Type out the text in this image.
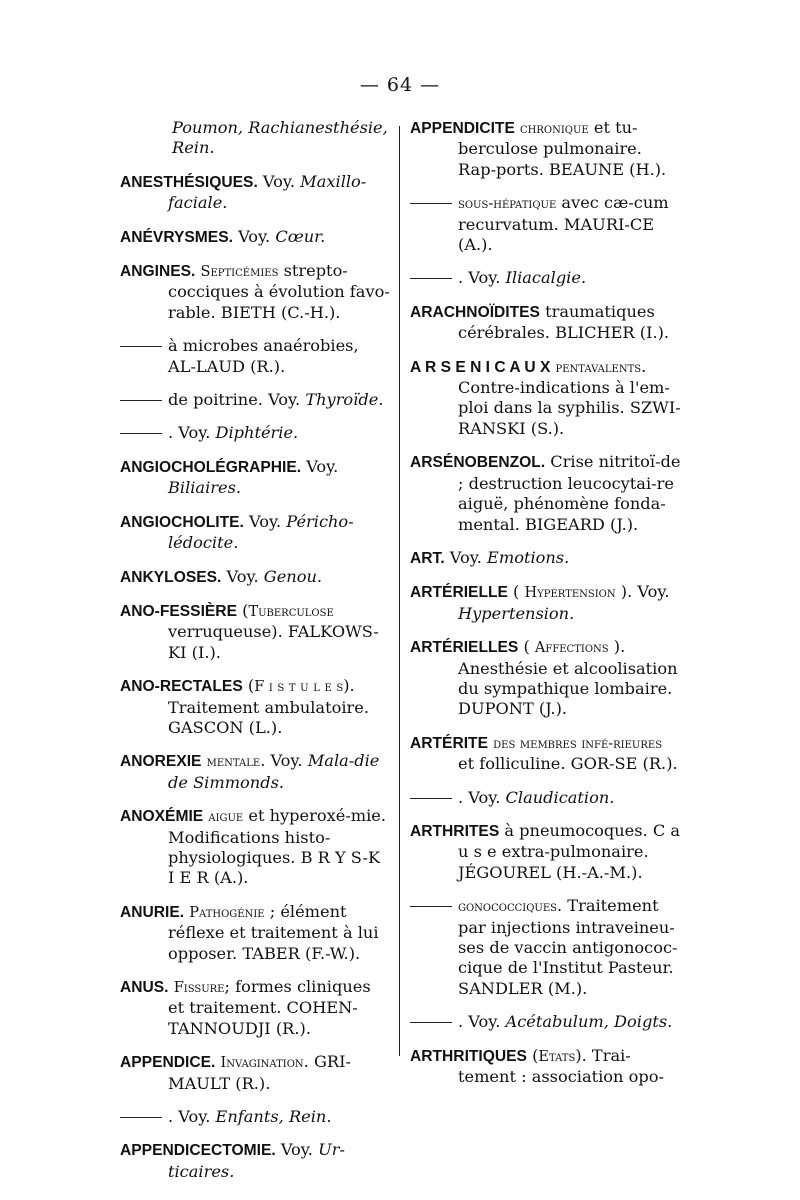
— 64 —
Poumon, Rachianesthésie, Rein.
ANESTHÉSIQUES. Voy. Maxillo-faciale.
ANÉVRYSMES. Voy. Cœur.
ANGINES. Septicémies strepto-cocciques à évolution favo-rable. BIETH (C.-H.).
à microbes anaérobies, AL-LAUD (R.).
de poitrine. Voy. Thyroïde.
. Voy. Diphtérie.
ANGIOCHOLÉGRAPHIE. Voy. Biliaires.
ANGIOCHOLITE. Voy. Péricho-lédocite.
ANKYLOSES. Voy. Genou.
ANO-FESSIÈRE (Tuberculose verruqueuse). FALKOWS-KI (I.).
ANO-RECTALES (F i s t u l e s). Traitement ambulatoire. GASCON (L.).
ANOREXIE mentale. Voy. Mala-die de Simmonds.
ANOXÉMIE aigue et hyperoxé-mie. Modifications histo-physiologiques. B R Y S-K I E R (A.).
ANURIE. Pathogénie ; élément réflexe et traitement à lui opposer. TABER (F.-W.).
ANUS. Fissure; formes cliniques et traitement. COHEN-TANNOUDJI (R.).
APPENDICE. Invagination. GRI-MAULT (R.).
. Voy. Enfants, Rein.
APPENDICECTOMIE. Voy. Ur-ticaires.
APPENDICITE chronique et tu-berculose pulmonaire. Rap-ports. BEAUNE (H.).
sous-hépatique avec cæ-cum recurvatum. MAURI-CE (A.).
. Voy. Iliacalgie.
ARACHNOÏDITES traumatiques cérébrales. BLICHER (I.).
A R S E N I C A U X pentavalents. Contre-indications à l'em-ploi dans la syphilis. SZWI-RANSKI (S.).
ARSÉNOBENZOL. Crise nitritoï-de ; destruction leucocytai-re aiguë, phénomène fonda-mental. BIGEARD (J.).
ART. Voy. Emotions.
ARTÉRIELLE ( Hypertension ). Voy. Hypertension.
ARTÉRIELLES ( Affections ). Anesthésie et alcoolisation du sympathique lombaire. DUPONT (J.).
ARTÉRITE des membres infé-rieures et folliculine. GOR-SE (R.).
. Voy. Claudication.
ARTHRITES à pneumocoques. C a u s e extra-pulmonaire. JÉGOUREL (H.-A.-M.).
gonococciques. Traitement par injections intraveineu-ses de vaccin antigonococ-cique de l'Institut Pasteur. SANDLER (M.).
. Voy. Acétabulum, Doigts.
ARTHRITIQUES (Etats). Trai-tement : association opo-
